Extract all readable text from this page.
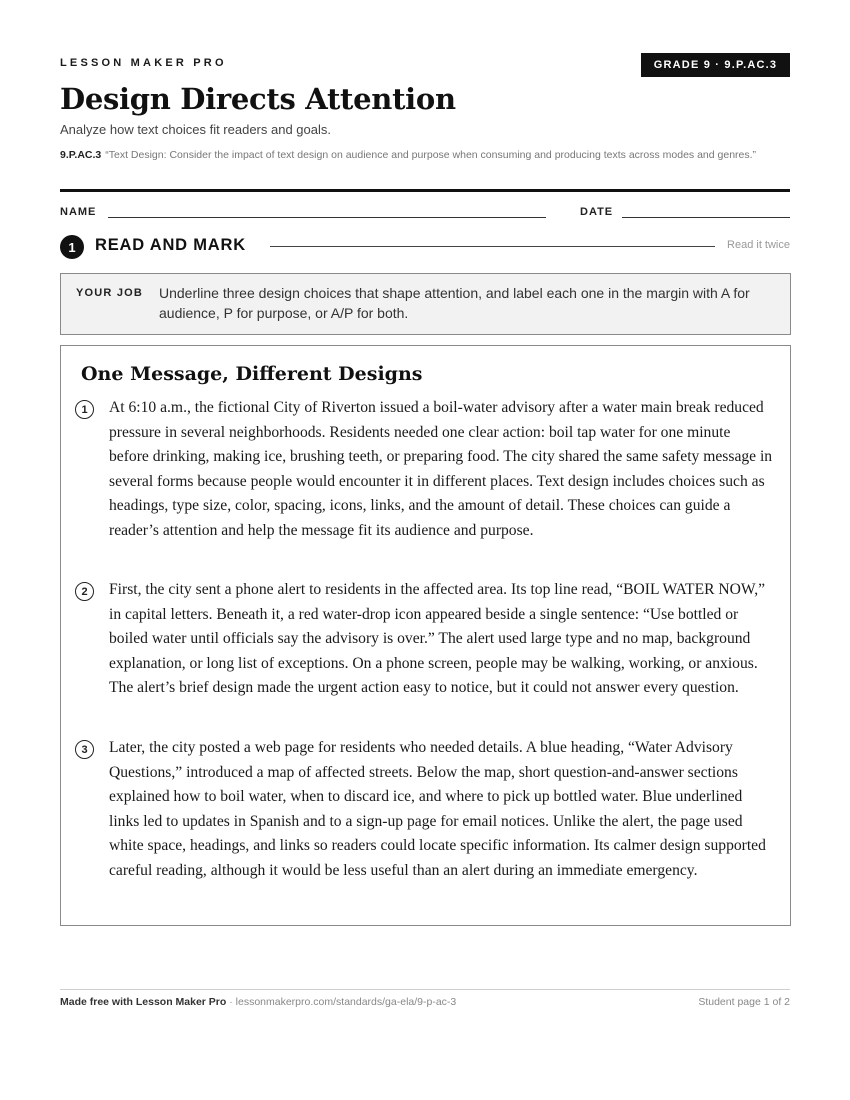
LESSON MAKER PRO	GRADE 9 · 9.P.AC.3
Design Directs Attention
Analyze how text choices fit readers and goals.
9.P.AC.3 “Text Design: Consider the impact of text design on audience and purpose when consuming and producing texts across modes and genres.”
NAME	DATE
1	READ AND MARK	Read it twice
YOUR JOB Underline three design choices that shape attention, and label each one in the margin with A for audience, P for purpose, or A/P for both.
One Message, Different Designs
1	At 6:10 a.m., the fictional City of Riverton issued a boil-water advisory after a water main break reduced pressure in several neighborhoods. Residents needed one clear action: boil tap water for one minute before drinking, making ice, brushing teeth, or preparing food. The city shared the same safety message in several forms because people would encounter it in different places. Text design includes choices such as headings, type size, color, spacing, icons, links, and the amount of detail. These choices can guide a reader’s attention and help the message fit its audience and purpose.

2	First, the city sent a phone alert to residents in the affected area. Its top line read, “BOIL WATER NOW,” in capital letters. Beneath it, a red water-drop icon appeared beside a single sentence: “Use bottled or boiled water until officials say the advisory is over.” The alert used large type and no map, background explanation, or long list of exceptions. On a phone screen, people may be walking, working, or anxious. The alert’s brief design made the urgent action easy to notice, but it could not answer every question.

3	Later, the city posted a web page for residents who needed details. A blue heading, “Water Advisory Questions,” introduced a map of affected streets. Below the map, short question-and-answer sections explained how to boil water, when to discard ice, and where to pick up bottled water. Blue underlined links led to updates in Spanish and to a sign-up page for email notices. Unlike the alert, the page used white space, headings, and links so readers could locate specific information. Its calmer design supported careful reading, although it would be less useful than an alert during an immediate emergency.

Made free with Lesson Maker Pro · lessonmakerpro.com/standards/ga-ela/9-p-ac-3	Student page 1 of 2
